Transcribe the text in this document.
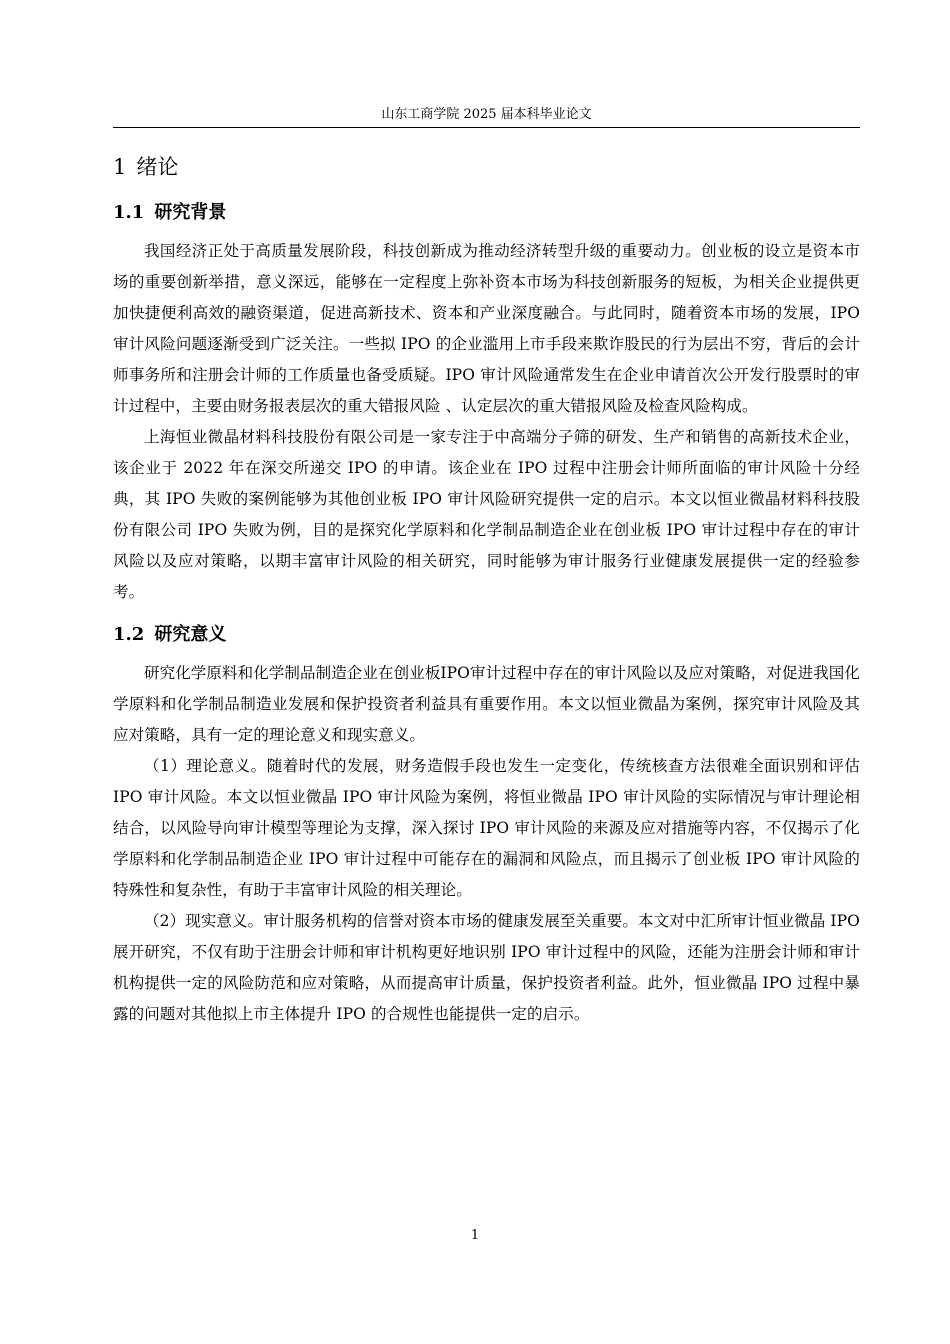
山东工商学院 2025 届本科毕业论文
1 绪论
1.1 研究背景

我国经济正处于高质量发展阶段，科技创新成为推动经济转型升级的重要动力。创业板的设立是资本市场的重要创新举措，意义深远，能够在一定程度上弥补资本市场为科技创新服务的短板，为相关企业提供更加快捷便利高效的融资渠道，促进高新技术、资本和产业深度融合。与此同时，随着资本市场的发展，IPO 审计风险问题逐渐受到广泛关注。一些拟 IPO 的企业滥用上市手段来欺诈股民的行为层出不穷，背后的会计师事务所和注册会计师的工作质量也备受质疑。IPO 审计风险通常发生在企业申请首次公开发行股票时的审计过程中，主要由财务报表层次的重大错报风险 、认定层次的重大错报风险及检查风险构成。

上海恒业微晶材料科技股份有限公司是一家专注于中高端分子筛的研发、生产和销售的高新技术企业，该企业于 2022 年在深交所递交 IPO 的申请。该企业在 IPO 过程中注册会计师所面临的审计风险十分经典，其 IPO 失败的案例能够为其他创业板 IPO 审计风险研究提供一定的启示。本文以恒业微晶材料科技股份有限公司 IPO 失败为例，目的是探究化学原料和化学制品制造企业在创业板 IPO 审计过程中存在的审计风险以及应对策略，以期丰富审计风险的相关研究，同时能够为审计服务行业健康发展提供一定的经验参考。

1.2 研究意义

研究化学原料和化学制品制造企业在创业板IPO审计过程中存在的审计风险以及应对策略，对促进我国化学原料和化学制品制造业发展和保护投资者利益具有重要作用。本文以恒业微晶为案例，探究审计风险及其应对策略，具有一定的理论意义和现实意义。

（1）理论意义。随着时代的发展，财务造假手段也发生一定变化，传统核查方法很难全面识别和评估 IPO 审计风险。本文以恒业微晶 IPO 审计风险为案例，将恒业微晶 IPO 审计风险的实际情况与审计理论相结合，以风险导向审计模型等理论为支撑，深入探讨 IPO 审计风险的来源及应对措施等内容，不仅揭示了化学原料和化学制品制造企业 IPO 审计过程中可能存在的漏洞和风险点，而且揭示了创业板 IPO 审计风险的特殊性和复杂性，有助于丰富审计风险的相关理论。

（2）现实意义。审计服务机构的信誉对资本市场的健康发展至关重要。本文对中汇所审计恒业微晶 IPO 展开研究，不仅有助于注册会计师和审计机构更好地识别 IPO 审计过程中的风险，还能为注册会计师和审计机构提供一定的风险防范和应对策略，从而提高审计质量，保护投资者利益。此外，恒业微晶 IPO 过程中暴露的问题对其他拟上市主体提升 IPO 的合规性也能提供一定的启示。

1
